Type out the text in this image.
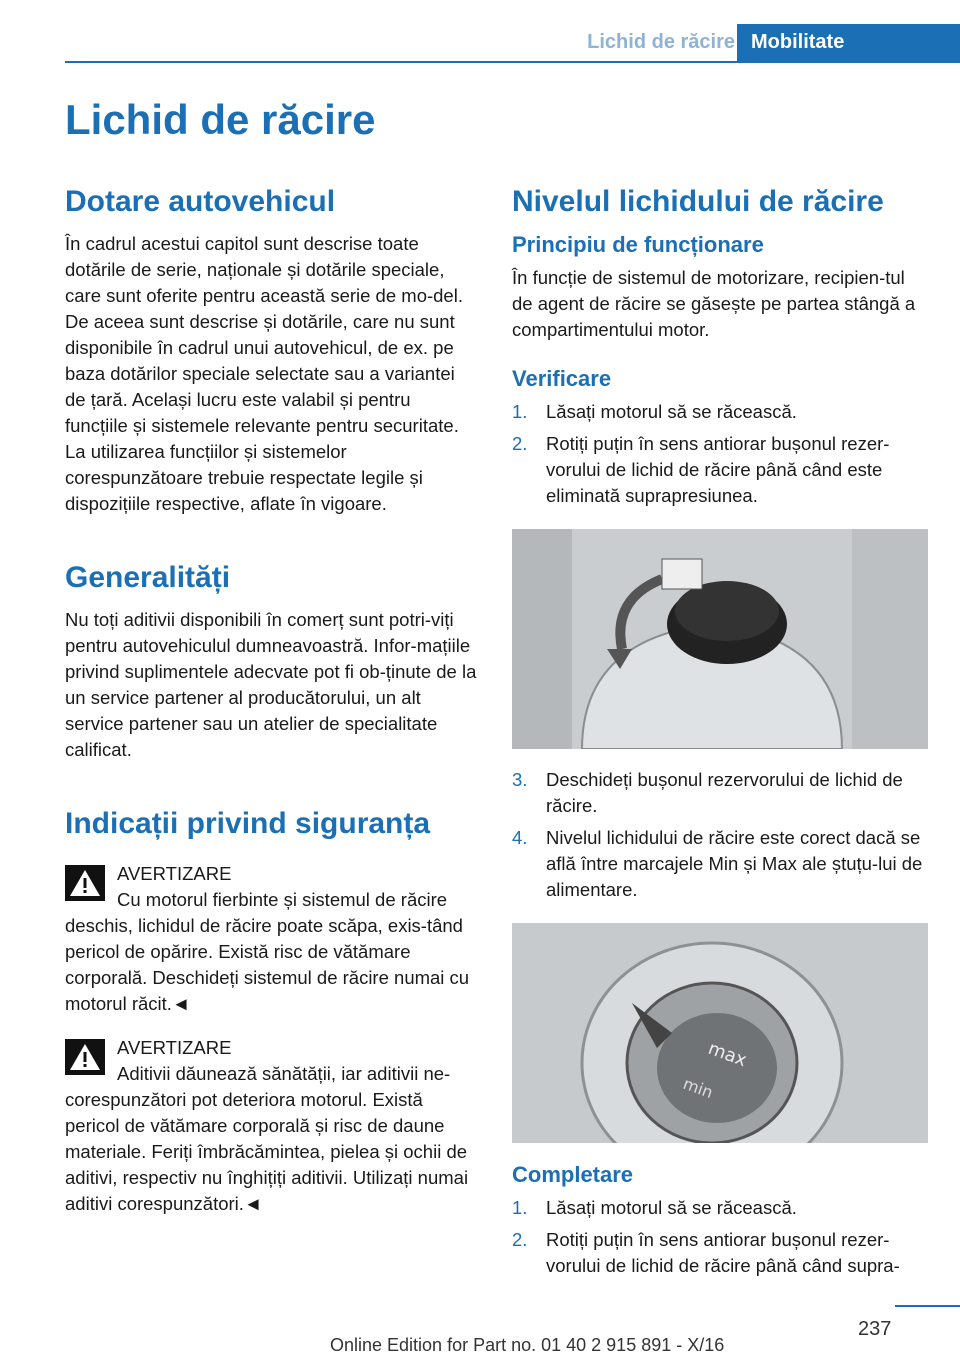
Lichid de răcire Mobilitate
Lichid de răcire
Dotare autovehicul

În cadrul acestui capitol sunt descrise toate dotările de serie, naționale și dotările speciale, care sunt oferite pentru această serie de mo-del. De aceea sunt descrise și dotările, care nu sunt disponibile în cadrul unui autovehicul, de ex. pe baza dotărilor speciale selectate sau a variantei de țară. Același lucru este valabil și pentru funcțiile și sistemele relevante pentru securitate. La utilizarea funcțiilor și sistemelor corespunzătoare trebuie respectate legile și dispozițiile respective, aflate în vigoare.

Generalități

Nu toți aditivii disponibili în comerț sunt potri-viți pentru autovehiculul dumneavoastră. Infor-mațiile privind suplimentele adecvate pot fi ob-ținute de la un service partener al producătorului, un alt service partener sau un atelier de specialitate calificat.

Indicații privind siguranța
AVERTIZARE
Cu motorul fierbinte și sistemul de răcire deschis, lichidul de răcire poate scăpa, exis-tând pericol de opărire. Există risc de vătămare corporală. Deschideți sistemul de răcire numai cu motorul răcit.◄
AVERTIZARE
Aditivii dăunează sănătății, iar aditivii ne-corespunzători pot deteriora motorul. Există pericol de vătămare corporală și risc de daune materiale. Feriți îmbrăcămintea, pielea și ochii de aditivi, respectiv nu înghițiți aditivii. Utilizați numai aditivi corespunzători.◄
Nivelul lichidului de răcire
Principiu de funcționare

În funcție de sistemul de motorizare, recipien-tul de agent de răcire se găsește pe partea stângă a compartimentului motor.

Verificare
1. Lăsați motorul să se răcească.
2. Rotiți puțin în sens antiorar bușonul rezer-vorului de lichid de răcire până când este eliminată suprapresiunea.
3. Deschideți bușonul rezervorului de lichid de răcire.
4. Nivelul lichidului de răcire este corect dacă se află între marcajele Min și Max ale ștuțu-lui de alimentare.
max
min
Completare
1. Lăsați motorul să se răcească.
2. Rotiți puțin în sens antiorar bușonul rezer-vorului de lichid de răcire până când supra-
237
Online Edition for Part no. 01 40 2 915 891 - X/16
